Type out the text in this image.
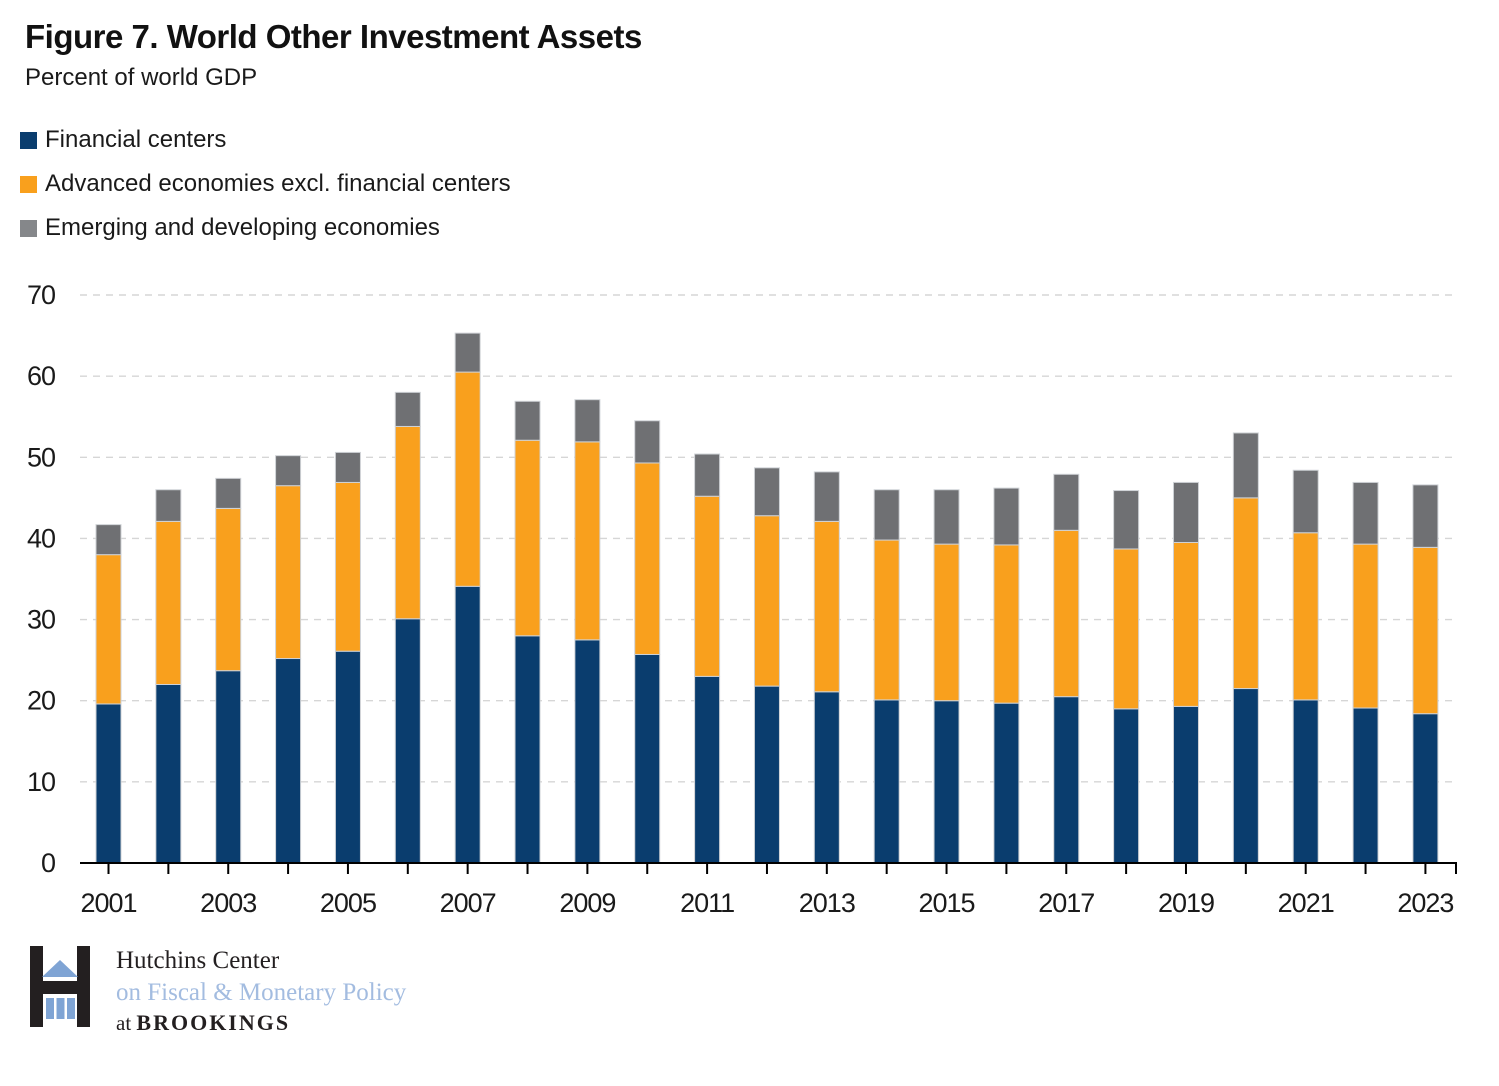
Figure 7. World Other Investment Assets
Percent of world GDP
Financial centers
Advanced economies excl. financial centers
Emerging and developing economies
0
10
20
30
40
50
60
70
2001 2003 2005 2007 2009 2011 2013 2015 2017 2019 2021 2023
Hutchins Center
on Fiscal & Monetary Policy
at BROOKINGS
